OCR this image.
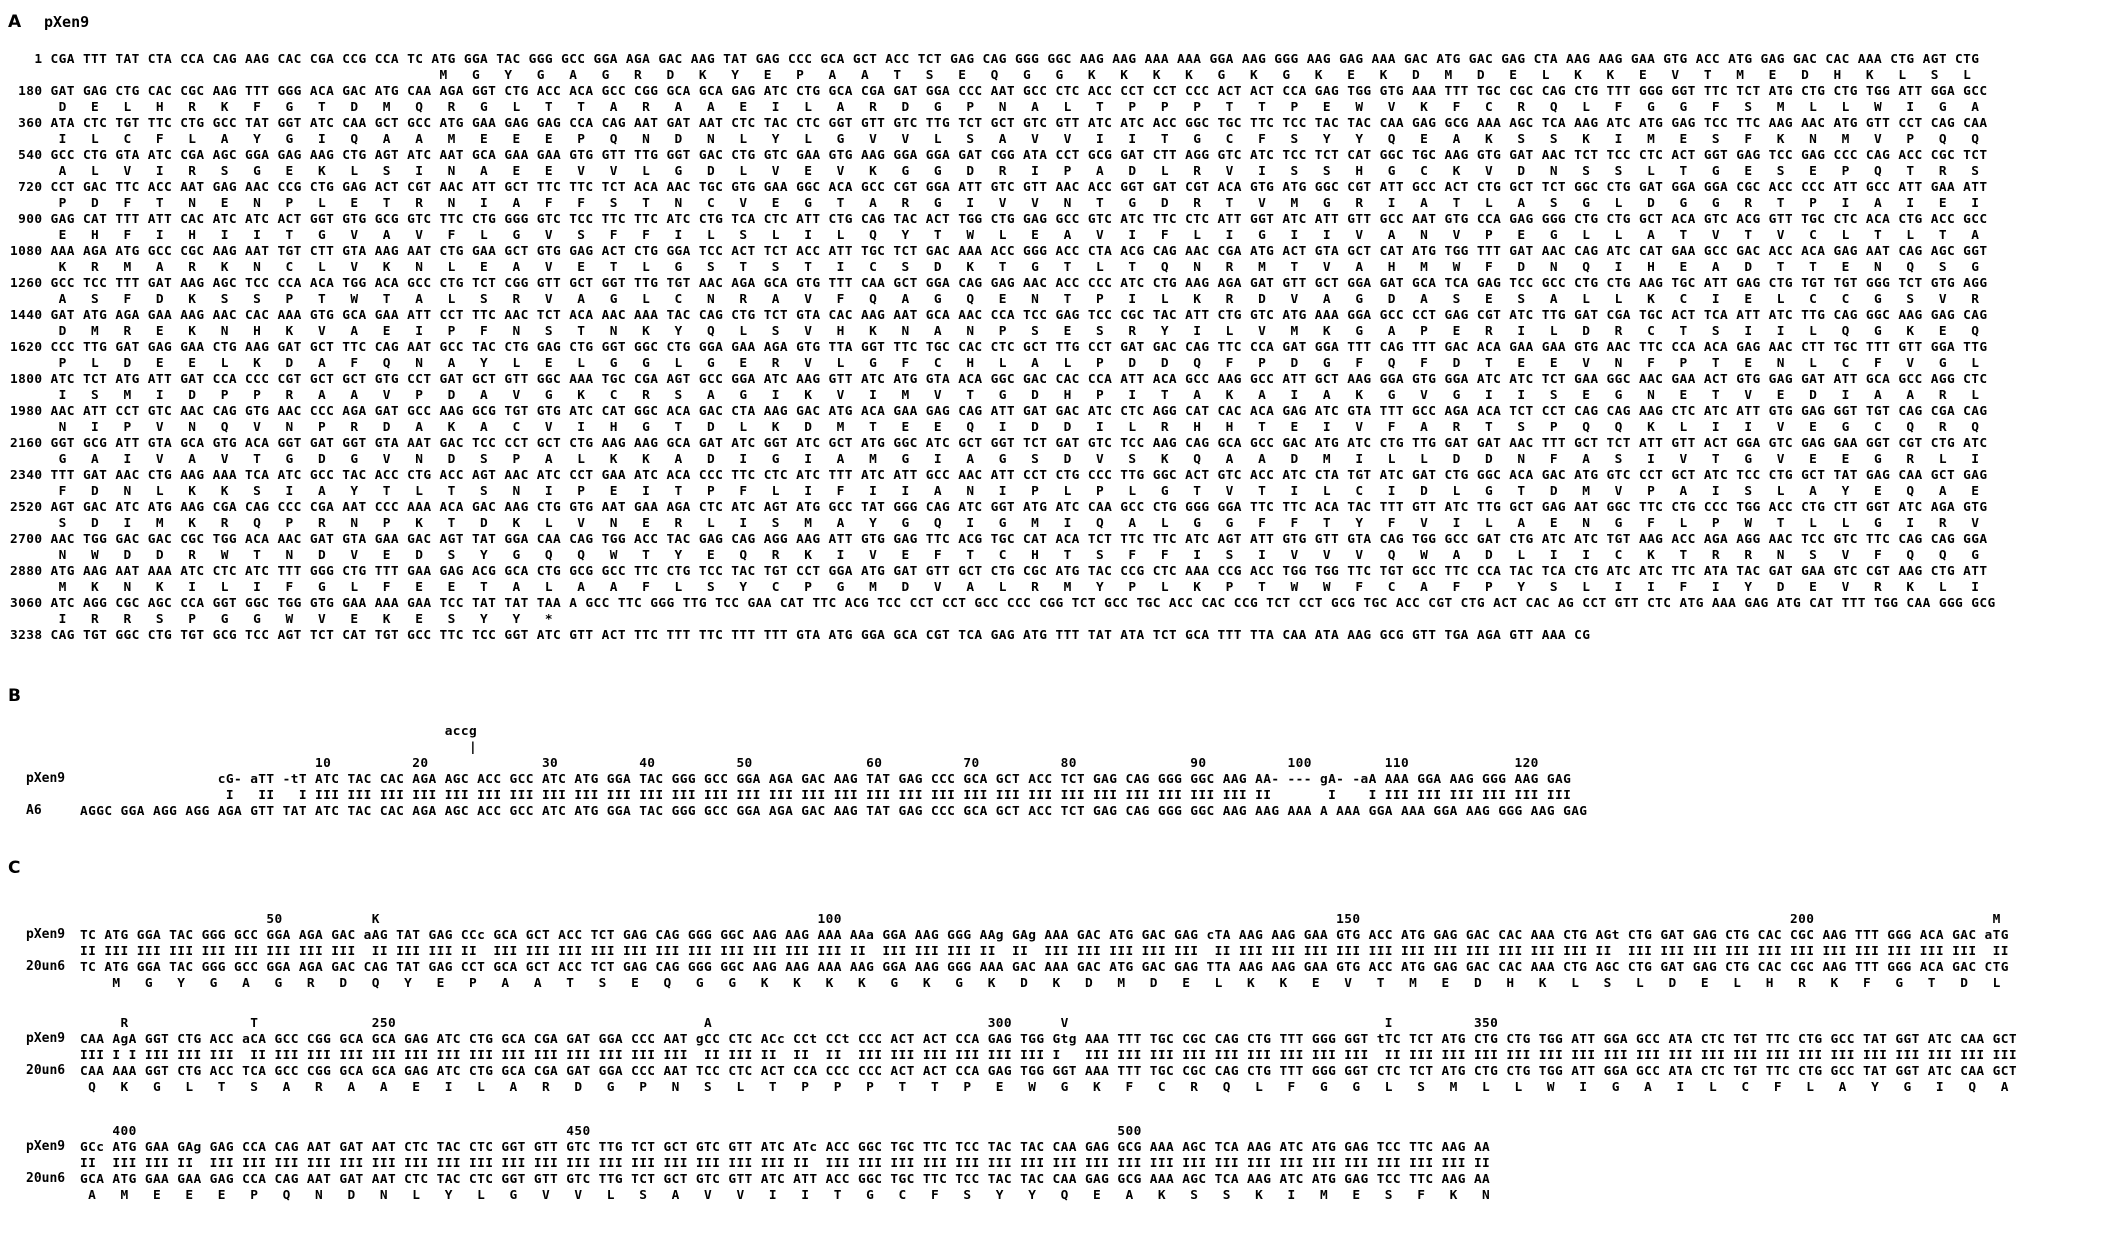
A pXen9
1 CGA TTT TAT CTA CCA CAG AAG CAC CGA CCG CCA TC ATG GGA TAC GGG GCC GGA AGA GAC AAG TAT GAG CCC GCA GCT ACC TCT GAG CAG GGG GGC AAG AAG AAA AAA GGA AAG GGG AAG GAG AAA GAC ATG GAC GAG CTA AAG AAG GAA GTG ACC ATG GAG GAC CAC AAA CTG AGT CTG
M   G   Y   G   A   G   R   D   K   Y   E   P   A   A   T   S   E   Q   G   G   K   K   K   K   G   K   G   K   E   K   D   M   D   E   L   K   K   E   V   T   M   E   D   H   K   L   S   L
180 GAT GAG CTG CAC CGC AAG TTT GGG ACA GAC ATG CAA AGA GGT CTG ACC ACA GCC CGG GCA GCA GAG ATC CTG GCA CGA GAT GGA CCC AAT GCC CTC ACC CCT CCT CCC ACT ACT CCA GAG TGG GTG AAA TTT TGC CGC CAG CTG TTT GGG GGT TTC TCT ATG CTG CTG TGG ATT GGA GCC
D   E   L   H   R   K   F   G   T   D   M   Q   R   G   L   T   T   A   R   A   A   E   I   L   A   R   D   G   P   N   A   L   T   P   P   P   T   T   P   E   W   V   K   F   C   R   Q   L   F   G   G   F   S   M   L   L   W   I   G   A
360 ATA CTC TGT TTC CTG GCC TAT GGT ATC CAA GCT GCC ATG GAA GAG GAG CCA CAG AAT GAT AAT CTC TAC CTC GGT GTT GTC TTG TCT GCT GTC GTT ATC ATC ACC GGC TGC TTC TCC TAC TAC CAA GAG GCG AAA AGC TCA AAG ATC ATG GAG TCC TTC AAG AAC ATG GTT CCT CAG CAA
I   L   C   F   L   A   Y   G   I   Q   A   A   M   E   E   E   P   Q   N   D   N   L   Y   L   G   V   V   L   S   A   V   V   I   I   T   G   C   F   S   Y   Y   Q   E   A   K   S   S   K   I   M   E   S   F   K   N   M   V   P   Q   Q
540 GCC CTG GTA ATC CGA AGC GGA GAG AAG CTG AGT ATC AAT GCA GAA GAA GTG GTT TTG GGT GAC CTG GTC GAA GTG AAG GGA GGA GAT CGG ATA CCT GCG GAT CTT AGG GTC ATC TCC TCT CAT GGC TGC AAG GTG GAT AAC TCT TCC CTC ACT GGT GAG TCC GAG CCC CAG ACC CGC TCT
A   L   V   I   R   S   G   E   K   L   S   I   N   A   E   E   V   V   L   G   D   L   V   E   V   K   G   G   D   R   I   P   A   D   L   R   V   I   S   S   H   G   C   K   V   D   N   S   S   L   T   G   E   S   E   P   Q   T   R   S
720 CCT GAC TTC ACC AAT GAG AAC CCG CTG GAG ACT CGT AAC ATT GCT TTC TTC TCT ACA AAC TGC GTG GAA GGC ACA GCC CGT GGA ATT GTC GTT AAC ACC GGT GAT CGT ACA GTG ATG GGC CGT ATT GCC ACT CTG GCT TCT GGC CTG GAT GGA GGA CGC ACC CCC ATT GCC ATT GAA ATT
P   D   F   T   N   E   N   P   L   E   T   R   N   I   A   F   F   S   T   N   C   V   E   G   T   A   R   G   I   V   V   N   T   G   D   R   T   V   M   G   R   I   A   T   L   A   S   G   L   D   G   G   R   T   P   I   A   I   E   I
900 GAG CAT TTT ATT CAC ATC ATC ACT GGT GTG GCG GTC TTC CTG GGG GTC TCC TTC TTC ATC CTG TCA CTC ATT CTG CAG TAC ACT TGG CTG GAG GCC GTC ATC TTC CTC ATT GGT ATC ATT GTT GCC AAT GTG CCA GAG GGG CTG CTG GCT ACA GTC ACG GTT TGC CTC ACA CTG ACC GCC
E   H   F   I   H   I   I   T   G   V   A   V   F   L   G   V   S   F   F   I   L   S   L   I   L   Q   Y   T   W   L   E   A   V   I   F   L   I   G   I   I   V   A   N   V   P   E   G   L   L   A   T   V   T   V   C   L   T   L   T   A
1080 AAA AGA ATG GCC CGC AAG AAT TGT CTT GTA AAG AAT CTG GAA GCT GTG GAG ACT CTG GGA TCC ACT TCT ACC ATT TGC TCT GAC AAA ACC GGG ACC CTA ACG CAG AAC CGA ATG ACT GTA GCT CAT ATG TGG TTT GAT AAC CAG ATC CAT GAA GCC GAC ACC ACA GAG AAT CAG AGC GGT
K   R   M   A   R   K   N   C   L   V   K   N   L   E   A   V   E   T   L   G   S   T   S   T   I   C   S   D   K   T   G   T   L   T   Q   N   R   M   T   V   A   H   M   W   F   D   N   Q   I   H   E   A   D   T   T   E   N   Q   S   G
1260 GCC TCC TTT GAT AAG AGC TCC CCA ACA TGG ACA GCC CTG TCT CGG GTT GCT GGT TTG TGT AAC AGA GCA GTG TTT CAA GCT GGA CAG GAG AAC ACC CCC ATC CTG AAG AGA GAT GTT GCT GGA GAT GCA TCA GAG TCC GCC CTG CTG AAG TGC ATT GAG CTG TGT TGT GGG TCT GTG AGG
A   S   F   D   K   S   S   P   T   W   T   A   L   S   R   V   A   G   L   C   N   R   A   V   F   Q   A   G   Q   E   N   T   P   I   L   K   R   D   V   A   G   D   A   S   E   S   A   L   L   K   C   I   E   L   C   C   G   S   V   R
1440 GAT ATG AGA GAA AAG AAC CAC AAA GTG GCA GAA ATT CCT TTC AAC TCT ACA AAC AAA TAC CAG CTG TCT GTA CAC AAG AAT GCA AAC CCA TCC GAG TCC CGC TAC ATT CTG GTC ATG AAA GGA GCC CCT GAG CGT ATC TTG GAT CGA TGC ACT TCA ATT ATC TTG CAG GGC AAG GAG CAG
D   M   R   E   K   N   H   K   V   A   E   I   P   F   N   S   T   N   K   Y   Q   L   S   V   H   K   N   A   N   P   S   E   S   R   Y   I   L   V   M   K   G   A   P   E   R   I   L   D   R   C   T   S   I   I   L   Q   G   K   E   Q
1620 CCC TTG GAT GAG GAA CTG AAG GAT GCT TTC CAG AAT GCC TAC CTG GAG CTG GGT GGC CTG GGA GAA AGA GTG TTA GGT TTC TGC CAC CTC GCT TTG CCT GAT GAC CAG TTC CCA GAT GGA TTT CAG TTT GAC ACA GAA GAA GTG AAC TTC CCA ACA GAG AAC CTT TGC TTT GTT GGA TTG
P   L   D   E   E   L   K   D   A   F   Q   N   A   Y   L   E   L   G   G   L   G   E   R   V   L   G   F   C   H   L   A   L   P   D   D   Q   F   P   D   G   F   Q   F   D   T   E   E   V   N   F   P   T   E   N   L   C   F   V   G   L
1800 ATC TCT ATG ATT GAT CCA CCC CGT GCT GCT GTG CCT GAT GCT GTT GGC AAA TGC CGA AGT GCC GGA ATC AAG GTT ATC ATG GTA ACA GGC GAC CAC CCA ATT ACA GCC AAG GCC ATT GCT AAG GGA GTG GGA ATC ATC TCT GAA GGC AAC GAA ACT GTG GAG GAT ATT GCA GCC AGG CTC
I   S   M   I   D   P   P   R   A   A   V   P   D   A   V   G   K   C   R   S   A   G   I   K   V   I   M   V   T   G   D   H   P   I   T   A   K   A   I   A   K   G   V   G   I   I   S   E   G   N   E   T   V   E   D   I   A   A   R   L
1980 AAC ATT CCT GTC AAC CAG GTG AAC CCC AGA GAT GCC AAG GCG TGT GTG ATC CAT GGC ACA GAC CTA AAG GAC ATG ACA GAA GAG CAG ATT GAT GAC ATC CTC AGG CAT CAC ACA GAG ATC GTA TTT GCC AGA ACA TCT CCT CAG CAG AAG CTC ATC ATT GTG GAG GGT TGT CAG CGA CAG
N   I   P   V   N   Q   V   N   P   R   D   A   K   A   C   V   I   H   G   T   D   L   K   D   M   T   E   E   Q   I   D   D   I   L   R   H   H   T   E   I   V   F   A   R   T   S   P   Q   Q   K   L   I   I   V   E   G   C   Q   R   Q
2160 GGT GCG ATT GTA GCA GTG ACA GGT GAT GGT GTA AAT GAC TCC CCT GCT CTG AAG AAG GCA GAT ATC GGT ATC GCT ATG GGC ATC GCT GGT TCT GAT GTC TCC AAG CAG GCA GCC GAC ATG ATC CTG TTG GAT GAT AAC TTT GCT TCT ATT GTT ACT GGA GTC GAG GAA GGT CGT CTG ATC
G   A   I   V   A   V   T   G   D   G   V   N   D   S   P   A   L   K   K   A   D   I   G   I   A   M   G   I   A   G   S   D   V   S   K   Q   A   A   D   M   I   L   L   D   D   N   F   A   S   I   V   T   G   V   E   E   G   R   L   I
2340 TTT GAT AAC CTG AAG AAA TCA ATC GCC TAC ACC CTG ACC AGT AAC ATC CCT GAA ATC ACA CCC TTC CTC ATC TTT ATC ATT GCC AAC ATT CCT CTG CCC TTG GGC ACT GTC ACC ATC CTA TGT ATC GAT CTG GGC ACA GAC ATG GTC CCT GCT ATC TCC CTG GCT TAT GAG CAA GCT GAG
F   D   N   L   K   K   S   I   A   Y   T   L   T   S   N   I   P   E   I   T   P   F   L   I   F   I   I   A   N   I   P   L   P   L   G   T   V   T   I   L   C   I   D   L   G   T   D   M   V   P   A   I   S   L   A   Y   E   Q   A   E
2520 AGT GAC ATC ATG AAG CGA CAG CCC CGA AAT CCC AAA ACA GAC AAG CTG GTG AAT GAA AGA CTC ATC AGT ATG GCC TAT GGG CAG ATC GGT ATG ATC CAA GCC CTG GGG GGA TTC TTC ACA TAC TTT GTT ATC TTG GCT GAG AAT GGC TTC CTG CCC TGG ACC CTG CTT GGT ATC AGA GTG
S   D   I   M   K   R   Q   P   R   N   P   K   T   D   K   L   V   N   E   R   L   I   S   M   A   Y   G   Q   I   G   M   I   Q   A   L   G   G   F   F   T   Y   F   V   I   L   A   E   N   G   F   L   P   W   T   L   L   G   I   R   V
2700 AAC TGG GAC GAC CGC TGG ACA AAC GAT GTA GAA GAC AGT TAT GGA CAA CAG TGG ACC TAC GAG CAG AGG AAG ATT GTG GAG TTC ACG TGC CAT ACA TCT TTC TTC ATC AGT ATT GTG GTT GTA CAG TGG GCC GAT CTG ATC ATC TGT AAG ACC AGA AGG AAC TCC GTC TTC CAG CAG GGA
N   W   D   D   R   W   T   N   D   V   E   D   S   Y   G   Q   Q   W   T   Y   E   Q   R   K   I   V   E   F   T   C   H   T   S   F   F   I   S   I   V   V   V   Q   W   A   D   L   I   I   C   K   T   R   R   N   S   V   F   Q   Q   G
2880 ATG AAG AAT AAA ATC CTC ATC TTT GGG CTG TTT GAA GAG ACG GCA CTG GCG GCC TTC CTG TCC TAC TGT CCT GGA ATG GAT GTT GCT CTG CGC ATG TAC CCG CTC AAA CCG ACC TGG TGG TTC TGT GCC TTC CCA TAC TCA CTG ATC ATC TTC ATA TAC GAT GAA GTC CGT AAG CTG ATT
M   K   N   K   I   L   I   F   G   L   F   E   E   T   A   L   A   A   F   L   S   Y   C   P   G   M   D   V   A   L   R   M   Y   P   L   K   P   T   W   W   F   C   A   F   P   Y   S   L   I   I   F   I   Y   D   E   V   R   K   L   I
3060 ATC AGG CGC AGC CCA GGT GGC TGG GTG GAA AAA GAA TCC TAT TAT TAA A GCC TTC GGG TTG TCC GAA CAT TTC ACG TCC CCT CCT GCC CCC CGG TCT GCC TGC ACC CAC CCG TCT CCT GCG TGC ACC CGT CTG ACT CAC AG CCT GTT CTC ATG AAA GAG ATG CAT TTT TGG CAA GGG GCG
I   R   R   S   P   G   G   W   V   E   K   E   S   Y   Y   *
3238 CAG TGT GGC CTG TGT GCG TCC AGT TCT CAT TGT GCC TTC TCC GGT ATC GTT ACT TTC TTT TTC TTT TTT GTA ATG GGA GCA CGT TCA GAG ATG TTT TAT ATA TCT GCA TTT TTA CAA ATA AAG GCG GTT TGA AGA GTT AAA CG
B
pXen9
A6
accg
|
10          20              30          40          50              60          70          80              90          100         110             120
cG- aTT -tT ATC TAC CAC AGA AGC ACC GCC ATC ATG GGA TAC GGG GCC GGA AGA GAC AAG TAT GAG CCC GCA GCT ACC TCT GAG CAG GGG GGC AAG AA- --- gA- -aA AAA GGA AAG GGG AAG GAG
I   II   I III III III III III III III III III III III III III III III III III III III III III III III III III III III III III II       I    I III III III III III III
AGGC GGA AGG AGG AGA GTT TAT ATC TAC CAC AGA AGC ACC GCC ATC ATG GGA TAC GGG GCC GGA AGA GAC AAG TAT GAG CCC GCA GCT ACC TCT GAG CAG GGG GGC AAG AAG AAA A AAA GGA AAA GGA AAG GGG AAG GAG
C
pXen9
20un6
50           K                                                      100                                                             150                                                     200                      M
TC ATG GGA TAC GGG GCC GGA AGA GAC aAG TAT GAG CCc GCA GCT ACC TCT GAG CAG GGG GGC AAG AAG AAA AAa GGA AAG GGG AAg GAg AAA GAC ATG GAC GAG cTA AAG AAG GAA GTG ACC ATG GAG GAC CAC AAA CTG AGt CTG GAT GAG CTG CAC CGC AAG TTT GGG ACA GAC aTG
II III III III III III III III III  II III III II  III III III III III III III III III III III II  III III III II  II  III III III III III  II III III III III III III III III III III III II  III III III III III III III III III III III  II
TC ATG GGA TAC GGG GCC GGA AGA GAC CAG TAT GAG CCT GCA GCT ACC TCT GAG CAG GGG GGC AAG AAG AAA AAG GGA AAG GGG AAA GAC AAA GAC ATG GAC GAG TTA AAG AAG GAA GTG ACC ATG GAG GAC CAC AAA CTG AGC CTG GAT GAG CTG CAC CGC AAG TTT GGG ACA GAC CTG
M   G   Y   G   A   G   R   D   Q   Y   E   P   A   A   T   S   E   Q   G   G   K   K   K   K   G   K   G   K   D   K   D   M   D   E   L   K   K   E   V   T   M   E   D   H   K   L   S   L   D   E   L   H   R   K   F   G   T   D   L
pXen9
20un6
R               T              250                                      A                                  300      V                                       I          350
CAA AgA GGT CTG ACC aCA GCC CGG GCA GCA GAG ATC CTG GCA CGA GAT GGA CCC AAT gCC CTC ACc CCt CCt CCC ACT ACT CCA GAG TGG Gtg AAA TTT TGC CGC CAG CTG TTT GGG GGT tTC TCT ATG CTG CTG TGG ATT GGA GCC ATA CTC TGT TTC CTG GCC TAT GGT ATC CAA GCT
III I I III III III  II III III III III III III III III III III III III III  II III II  II  II  III III III III III III I   III III III III III III III III III  II III III III III III III III III III III III III III III III III III III III
CAA AAA GGT CTG ACC TCA GCC CGG GCA GCA GAG ATC CTG GCA CGA GAT GGA CCC AAT TCC CTC ACT CCA CCC CCC ACT ACT CCA GAG TGG GGT AAA TTT TGC CGC CAG CTG TTT GGG GGT CTC TCT ATG CTG CTG TGG ATT GGA GCC ATA CTC TGT TTC CTG GCC TAT GGT ATC CAA GCT
Q   K   G   L   T   S   A   R   A   A   E   I   L   A   R   D   G   P   N   S   L   T   P   P   P   T   T   P   E   W   G   K   F   C   R   Q   L   F   G   G   L   S   M   L   L   W   I   G   A   I   L   C   F   L   A   Y   G   I   Q   A
pXen9
20un6
400                                                     450                                                                 500
GCc ATG GAA GAg GAG CCA CAG AAT GAT AAT CTC TAC CTC GGT GTT GTC TTG TCT GCT GTC GTT ATC ATc ACC GGC TGC TTC TCC TAC TAC CAA GAG GCG AAA AGC TCA AAG ATC ATG GAG TCC TTC AAG AA
II  III III II  III III III III III III III III III III III III III III III III III III II  III III III III III III III III III III III III III III III III III III III III II
GCA ATG GAA GAA GAG CCA CAG AAT GAT AAT CTC TAC CTC GGT GTT GTC TTG TCT GCT GTC GTT ATC ATT ACC GGC TGC TTC TCC TAC TAC CAA GAG GCG AAA AGC TCA AAG ATC ATG GAG TCC TTC AAG AA
A   M   E   E   E   P   Q   N   D   N   L   Y   L   G   V   V   L   S   A   V   V   I   I   T   G   C   F   S   Y   Y   Q   E   A   K   S   S   K   I   M   E   S   F   K   N
